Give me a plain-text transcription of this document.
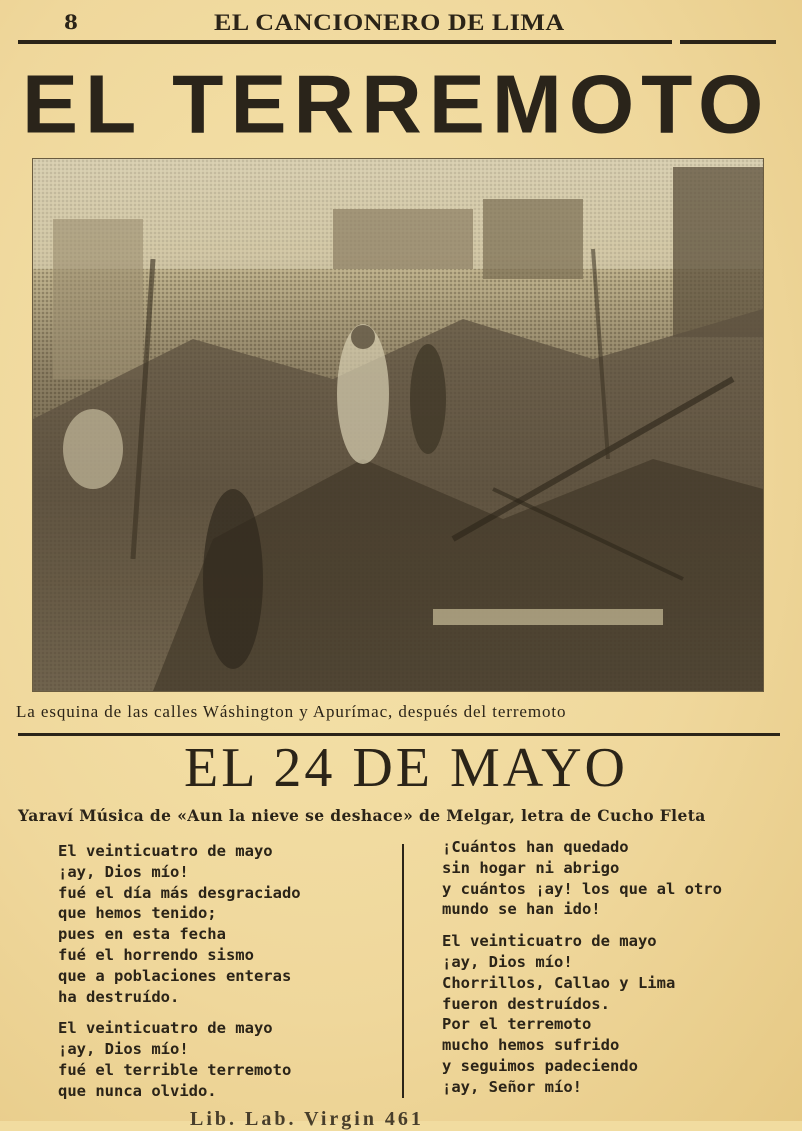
8	EL CANCIONERO DE LIMA
EL TERREMOTO
La esquina de las calles Wáshington y Apurímac, después del terremoto
EL 24 DE MAYO
Yaraví Música de «Aun la nieve se deshace» de Melgar, letra de Cucho Fleta
El veinticuatro de mayo
¡ay, Dios mío!
fué el día más desgraciado
que hemos tenido;
pues en esta fecha
fué el horrendo sismo
que a poblaciones enteras
ha destruído.
El veinticuatro de mayo
¡ay, Dios mío!
fué el terrible terremoto
que nunca olvido.
¡Cuántos han quedado
sin hogar ni abrigo
y cuántos ¡ay! los que al otro
mundo se han ido!
El veinticuatro de mayo
¡ay, Dios mío!
Chorrillos, Callao y Lima
fueron destruídos.
Por el terremoto
mucho hemos sufrido
y seguimos padeciendo
¡ay, Señor mío!
Lib. Lab. Virgin 461
